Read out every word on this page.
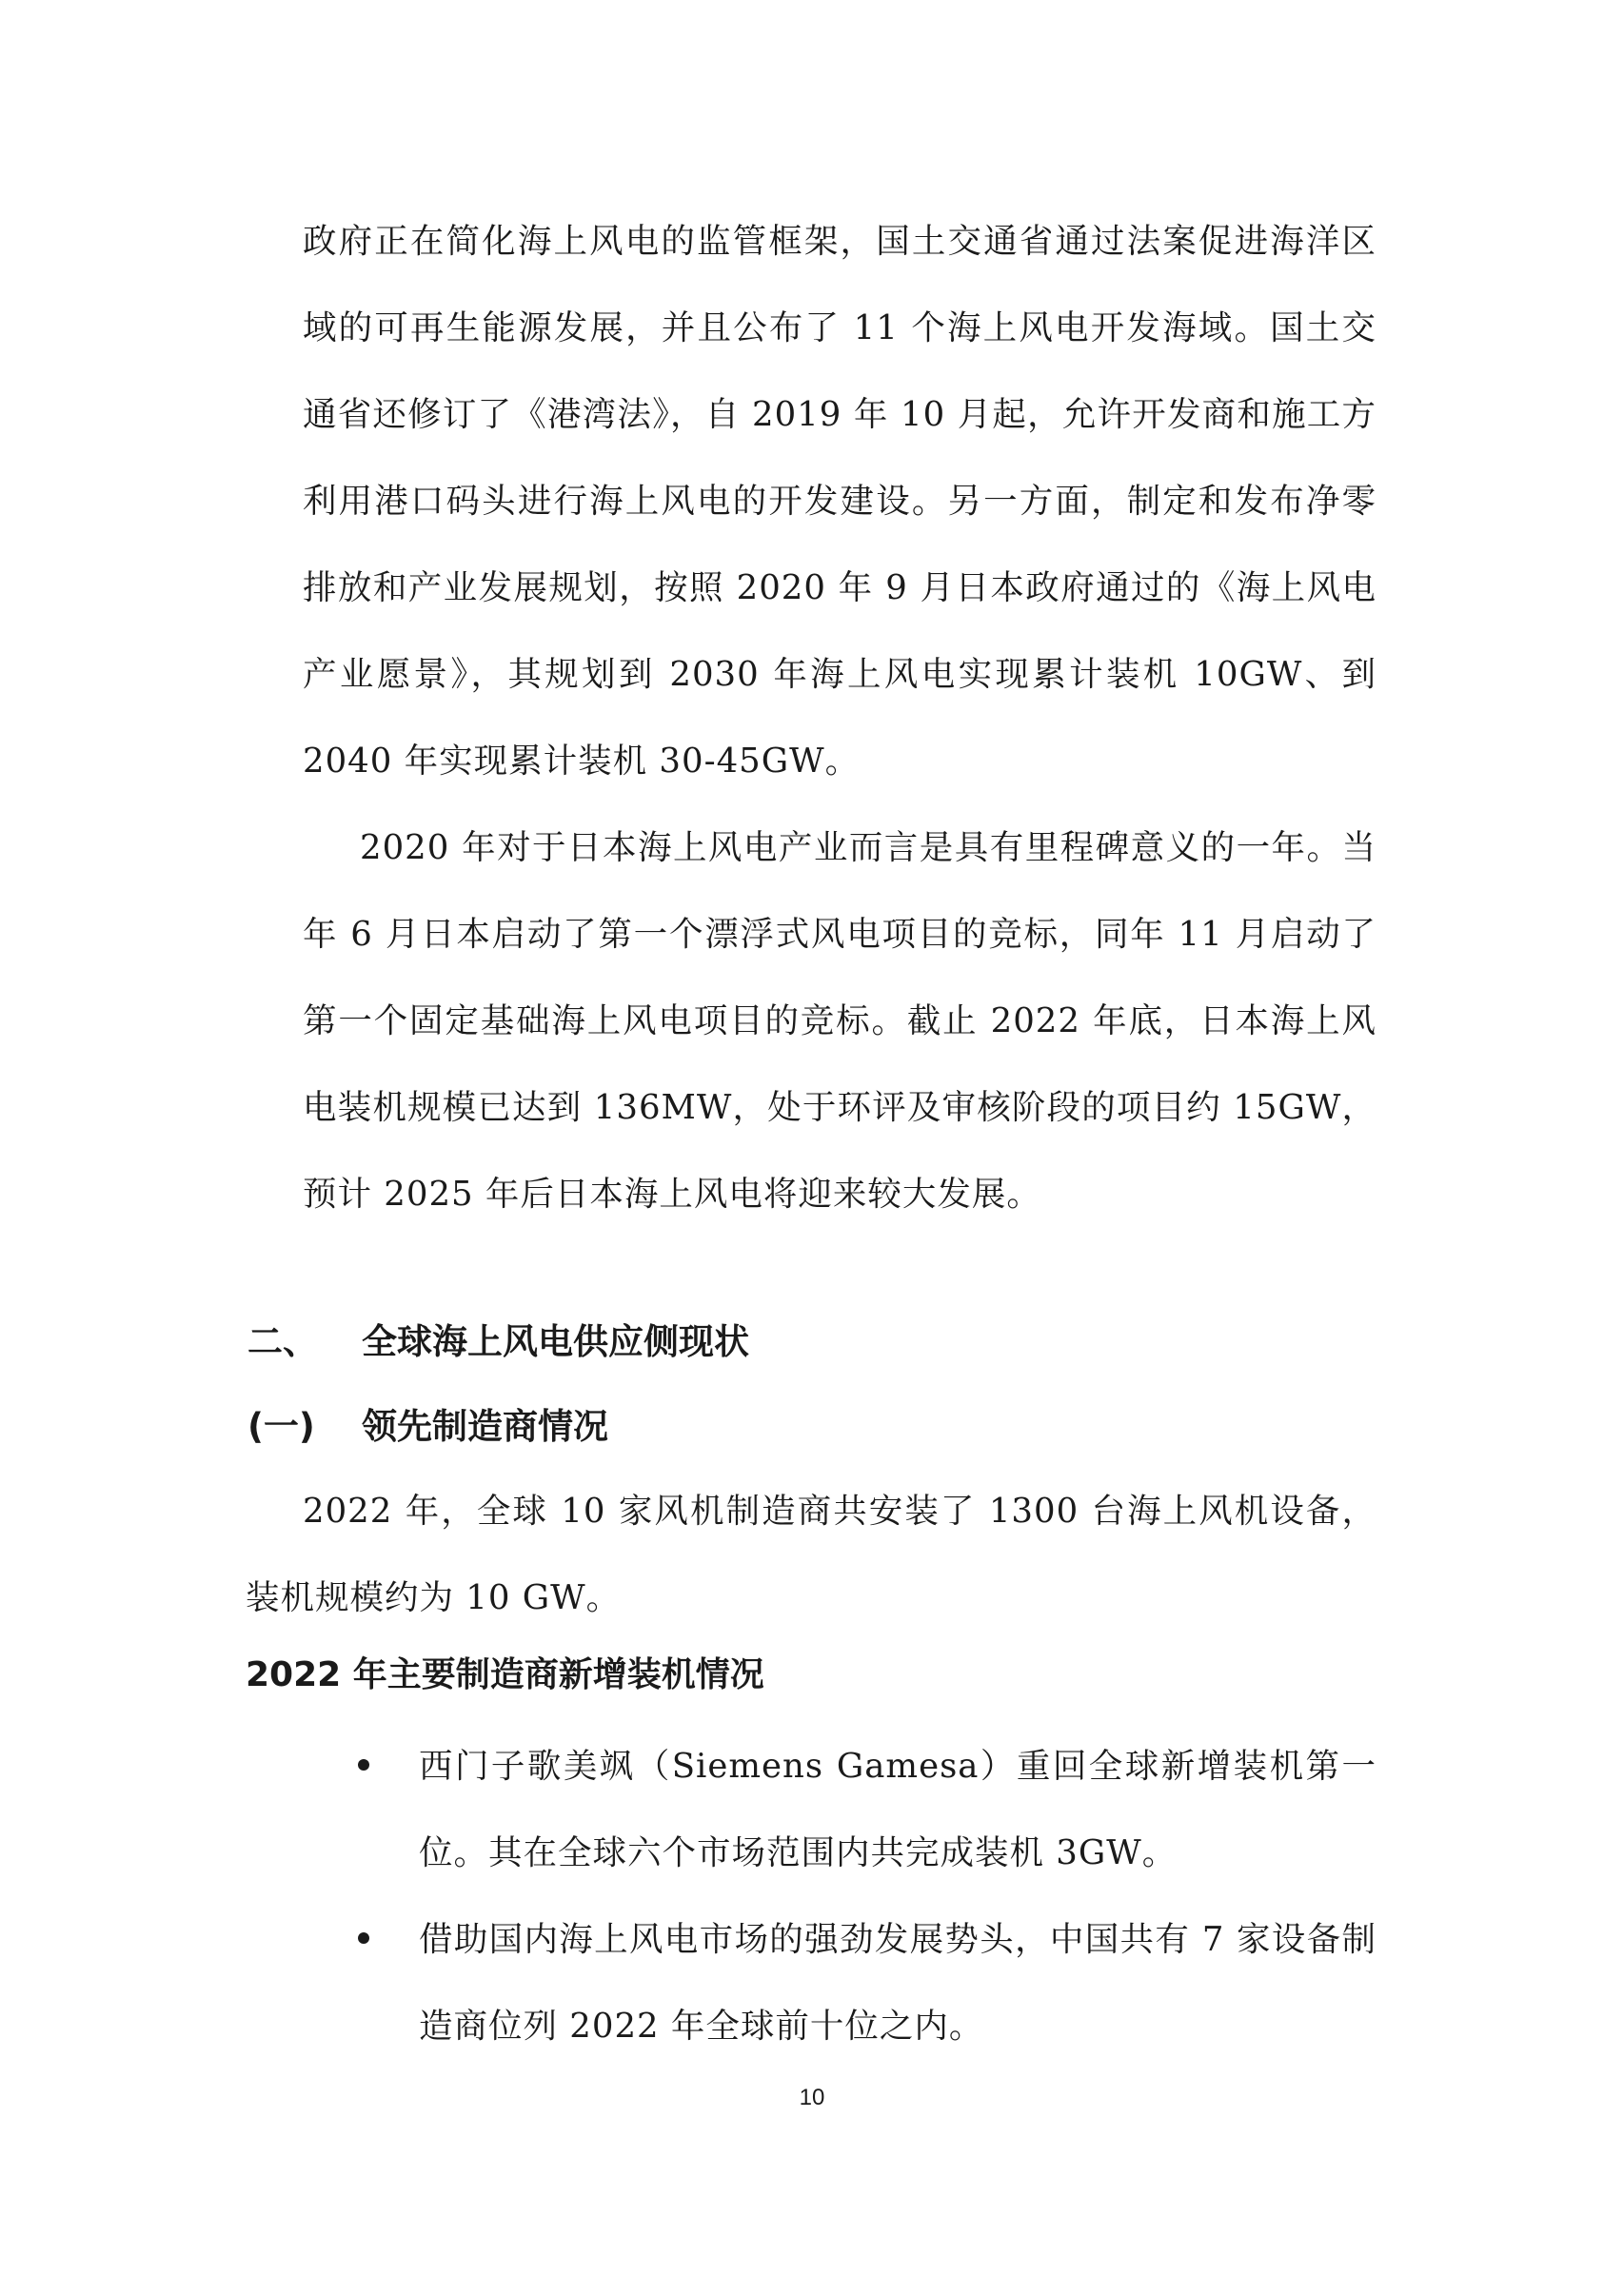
政府正在简化海上风电的监管框架，国土交通省通过法案促进海洋区域的可再生能源发展，并且公布了 11 个海上风电开发海域。国土交通省还修订了《港湾法》，自 2019 年 10 月起，允许开发商和施工方利用港口码头进行海上风电的开发建设。另一方面，制定和发布净零排放和产业发展规划，按照 2020 年 9 月日本政府通过的《海上风电产业愿景》，其规划到 2030 年海上风电实现累计装机 10GW、到 2040 年实现累计装机 30-45GW。

2020 年对于日本海上风电产业而言是具有里程碑意义的一年。当年 6 月日本启动了第一个漂浮式风电项目的竞标，同年 11 月启动了第一个固定基础海上风电项目的竞标。截止 2022 年底，日本海上风电装机规模已达到 136MW，处于环评及审核阶段的项目约 15GW，预计 2025 年后日本海上风电将迎来较大发展。

二、 全球海上风电供应侧现状
(一) 领先制造商情况

2022 年，全球 10 家风机制造商共安装了 1300 台海上风机设备，装机规模约为 10 GW。

2022 年主要制造商新增装机情况

西门子歌美飒（Siemens Gamesa）重回全球新增装机第一位。其在全球六个市场范围内共完成装机 3GW。
借助国内海上风电市场的强劲发展势头，中国共有 7 家设备制造商位列 2022 年全球前十位之内。

10
